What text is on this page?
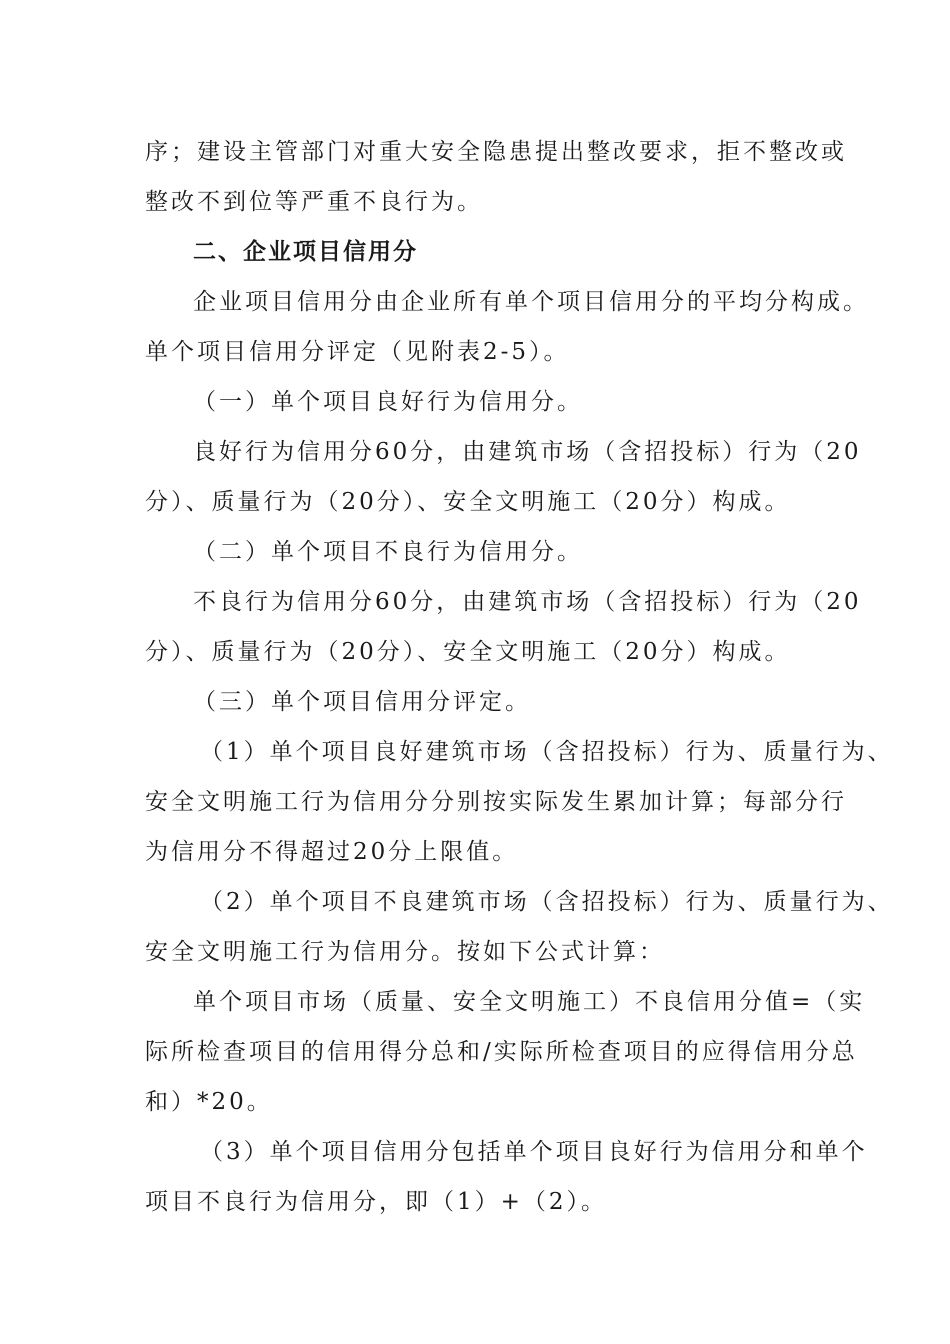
序；建设主管部门对重大安全隐患提出整改要求，拒不整改或
整改不到位等严重不良行为。
二、企业项目信用分
企业项目信用分由企业所有单个项目信用分的平均分构成。
单个项目信用分评定（见附表2-5）。
（一）单个项目良好行为信用分。
良好行为信用分60分，由建筑市场（含招投标）行为（20
分）、质量行为（20分）、安全文明施工（20分）构成。
（二）单个项目不良行为信用分。
不良行为信用分60分，由建筑市场（含招投标）行为（20
分）、质量行为（20分）、安全文明施工（20分）构成。
（三）单个项目信用分评定。
（1）单个项目良好建筑市场（含招投标）行为、质量行为、
安全文明施工行为信用分分别按实际发生累加计算；每部分行
为信用分不得超过20分上限值。
（2）单个项目不良建筑市场（含招投标）行为、质量行为、
安全文明施工行为信用分。按如下公式计算：
单个项目市场（质量、安全文明施工）不良信用分值=（实
际所检查项目的信用得分总和/实际所检查项目的应得信用分总
和）*20。
（3）单个项目信用分包括单个项目良好行为信用分和单个
项目不良行为信用分，即（1）+（2）。
